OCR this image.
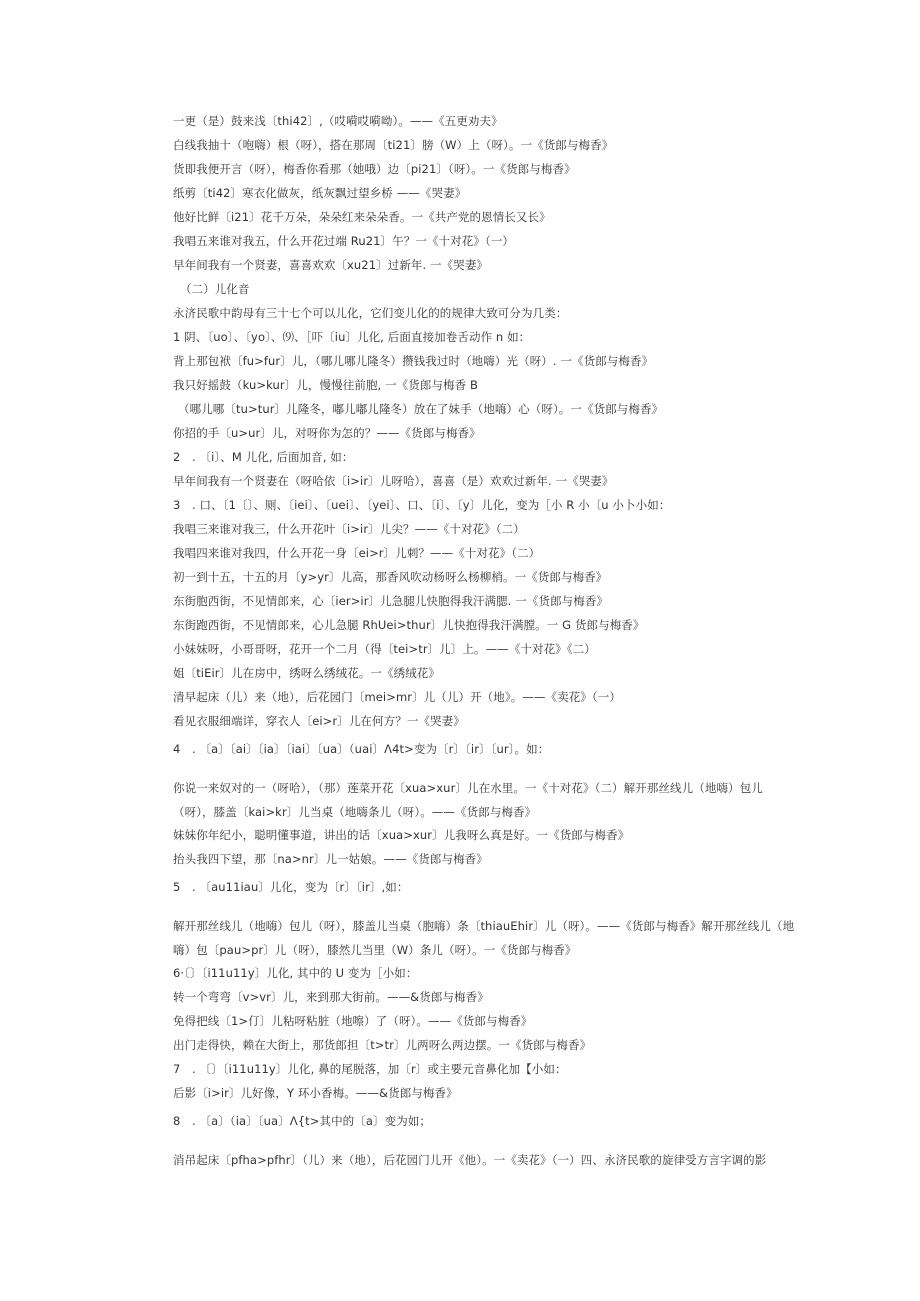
一更（是）鼓来浅〔thi42〕,（哎嗬哎嗬呦）。——《五更劝夫》
白线我抽十（咆嗨）根（呀），搭在那周〔ti21〕膀（W）上（呀）。一《货郎与梅香》
货即我便开言（呀），梅香你看那（她哦）边〔pi21〕（呀）。一《货郎与梅香》
纸剪〔ti42〕寒衣化做灰，纸灰飘过望乡桥 ——《哭妻》
他好比鲜〔i21〕花千万朵，朵朵红来朵朵香。一《共产党的恩情长又长》
我唱五来谁对我五，什么开花过端 Ru21〕午？一《十对花》（一）
早年间我有一个贤妻，喜喜欢欢〔xu21〕过新年. 一《哭妻》
（二）儿化音
永济民歌中韵母有三十七个可以儿化，它们变儿化的的规律大致可分为几类：
1 阴、〔uo〕、〔yo〕、⑼、［吓〔iu〕儿化, 后面直接加卷舌动作 n 如：
背上那包袱〔fu>fur〕儿，（哪儿哪儿隆冬）攒钱我过时（地嗨）光（呀）. 一《货郎与梅香》
我只好摇鼓（ku>kur〕儿，慢慢往前胞, 一《货郎与梅香 B
（哪儿哪〔tu>tur〕儿隆冬，嘟儿嘟儿隆冬）放在了妹手（地嗨）心（呀）。一《货郎与梅香》
你招的手〔u>ur〕儿，对呀你为怎的？——《货郎与梅香》
2　. 〔i〕、M 儿化, 后面加音, 如：
早年间我有一个贤妻在（呀哈依〔i>ir〕儿呀哈），喜喜（是）欢欢过新年. 一《哭妻》
3　. 口、〔1〔〕、厕、〔iei〕、〔uei〕、〔yei〕、口、〔i〕、〔y〕儿化，变为［小 R 小〔u 小卜小如：
我唱三来谁对我三，什么开花叶〔i>ir〕儿尖？——《十对花》（二）
我唱四来谁对我四，什么开花一身〔ei>r〕儿刺？——《十对花》（二）
初一到十五，十五的月〔y>yr〕儿高，那香风吹动杨呀么杨柳梢。一《货郎与梅香》
东街胞西街，不见情郎来，心〔ier>ir〕儿急腿儿快胞得我汗满腮. 一《货郎与梅香》
东街跑西街，不见情郎来，心儿急腿 RhUei>thur〕儿快抱得我汗满膛。一 G 货郎与梅香》
小妹妹呀，小哥哥呀，花开一个二月（得〔tei>tr〕儿〕上。——《十对花》《二）
姐〔tiEir〕儿在房中，绣呀么绣绒花。一《绣绒花》
清早起床（儿）来（地），后花园门〔mei>mr〕儿（儿）开（地》。——《卖花》（一）
看见衣服细端详，穿衣人〔ei>r〕儿在何方？一《哭妻》
4　. 〔a〕〔ai〕〔ia〕〔iai〕〔ua〕（uai〕Λ4t>变为〔r〕〔ir〕〔ur〕。如：
你说一来奴对的一（呀哈），（那）莲菜开花〔xua>xur〕儿在水里。一《十对花》（二）解开那丝线儿（地嗨）包儿（呀），膝盖〔kai>kr〕儿当桌（地嗨条儿（呀）。——《货郎与梅香》
妹妹你年纪小，聪明懂事道，讲出的话〔xua>xur〕儿我呀么真是好。一《货郎与梅香》
抬头我四下望，那〔na>nr〕儿一姑娘。——《货郎与梅香》
5　. 〔au11iau〕儿化，变为〔r〕〔ir〕,如：
解开那丝线儿（地嗨）包儿（呀），膝盖儿当桌（胞嗨）条〔thiauEhir〕儿（呀）。——《货郎与梅香》解开那丝线儿（地嗨）包〔pau>pr〕儿（呀），膝然儿当里（W）条儿（呀）。一《货郎与梅香》
6·〔〕〔i11u11y〕儿化, 其中的 U 变为［小如：
转一个弯弯〔v>vr〕儿，来到那大街前。——&货郎与梅香》
免得把线〔1>仃〕儿粘呀粘脏（地嚓）了（呀）。——《货郎与梅香》
出门走得快，赖在大街上，那货郎担〔t>tr〕儿两呀么两边摆。一《货郎与梅香》
7　. 〔〕〔i11u11y〕儿化, 鼻的尾脱落，加〔r〕或主要元音鼻化加【小如：
后影〔i>ir〕儿好像，Y 环小香梅。——&货郎与梅香》
8　. 〔a〕（ia〕〔ua〕Λ{t>其中的〔a〕变为如；
消吊起床〔pfha>pfhr〕（儿）来（地），后花园门儿开《他）。一《卖花》（一）四、永济民歌的旋律受方言字调的影
